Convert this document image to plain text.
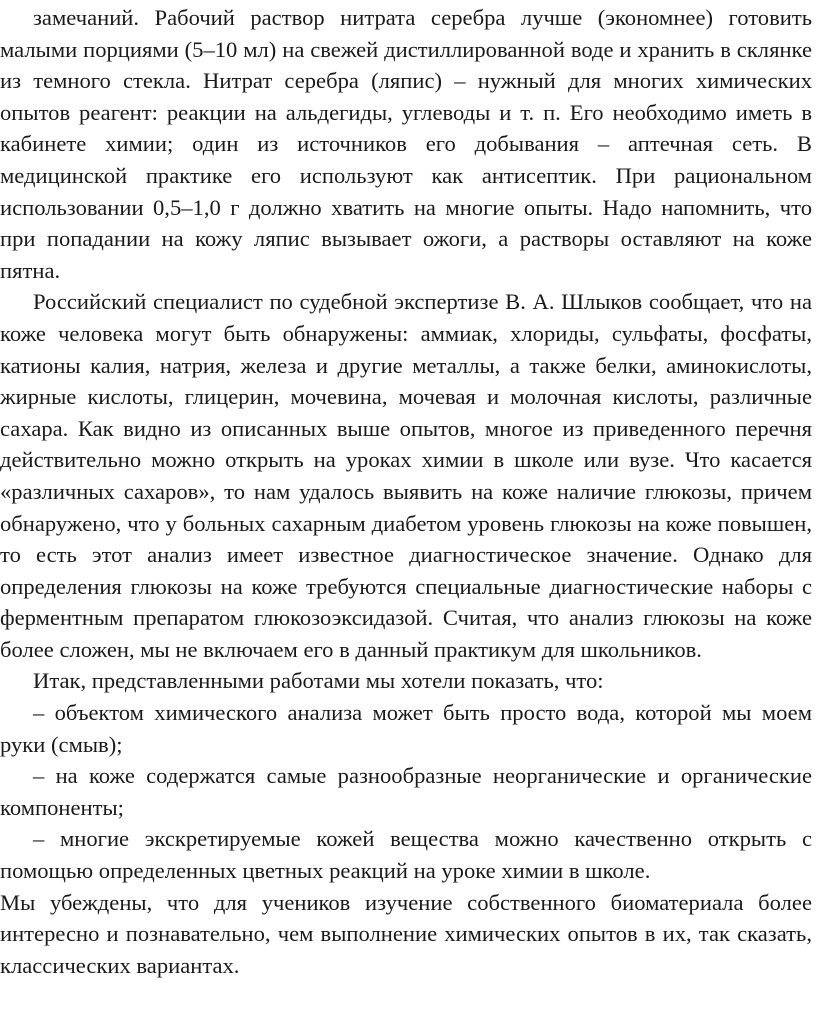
замечаний. Рабочий раствор нитрата серебра лучше (экономнее) готовить малыми порциями (5–10 мл) на свежей дистиллированной воде и хранить в склянке из темного стекла. Нитрат серебра (ляпис) – нужный для многих химических опытов реагент: реакции на альдегиды, углеводы и т. п. Его необходимо иметь в кабинете химии; один из источников его добывания – аптечная сеть. В медицинской практике его используют как антисептик. При рациональном использовании 0,5–1,0 г должно хватить на многие опыты. Надо напомнить, что при попадании на кожу ляпис вызывает ожоги, а растворы оставляют на коже пятна.

Российский специалист по судебной экспертизе В. А. Шлыков сообщает, что на коже человека могут быть обнаружены: аммиак, хлориды, сульфаты, фосфаты, катионы калия, натрия, железа и другие металлы, а также белки, аминокислоты, жирные кислоты, глицерин, мочевина, мочевая и молочная кислоты, различные сахара. Как видно из описанных выше опытов, многое из приведенного перечня действительно можно открыть на уроках химии в школе или вузе. Что касается «различных сахаров», то нам удалось выявить на коже наличие глюкозы, причем обнаружено, что у больных сахарным диабетом уровень глюкозы на коже повышен, то есть этот анализ имеет известное диагностическое значение. Однако для определения глюкозы на коже требуются специальные диагностические наборы с ферментным препаратом глюкозоэксидазой. Считая, что анализ глюкозы на коже более сложен, мы не включаем его в данный практикум для школьников.

Итак, представленными работами мы хотели показать, что:

– объектом химического анализа может быть просто вода, которой мы моем руки (смыв);

– на коже содержатся самые разнообразные неорганические и органические компоненты;

– многие экскретируемые кожей вещества можно качественно открыть с помощью определенных цветных реакций на уроке химии в школе.

Мы убеждены, что для учеников изучение собственного биоматериала более интересно и познавательно, чем выполнение химических опытов в их, так сказать, классических вариантах.
